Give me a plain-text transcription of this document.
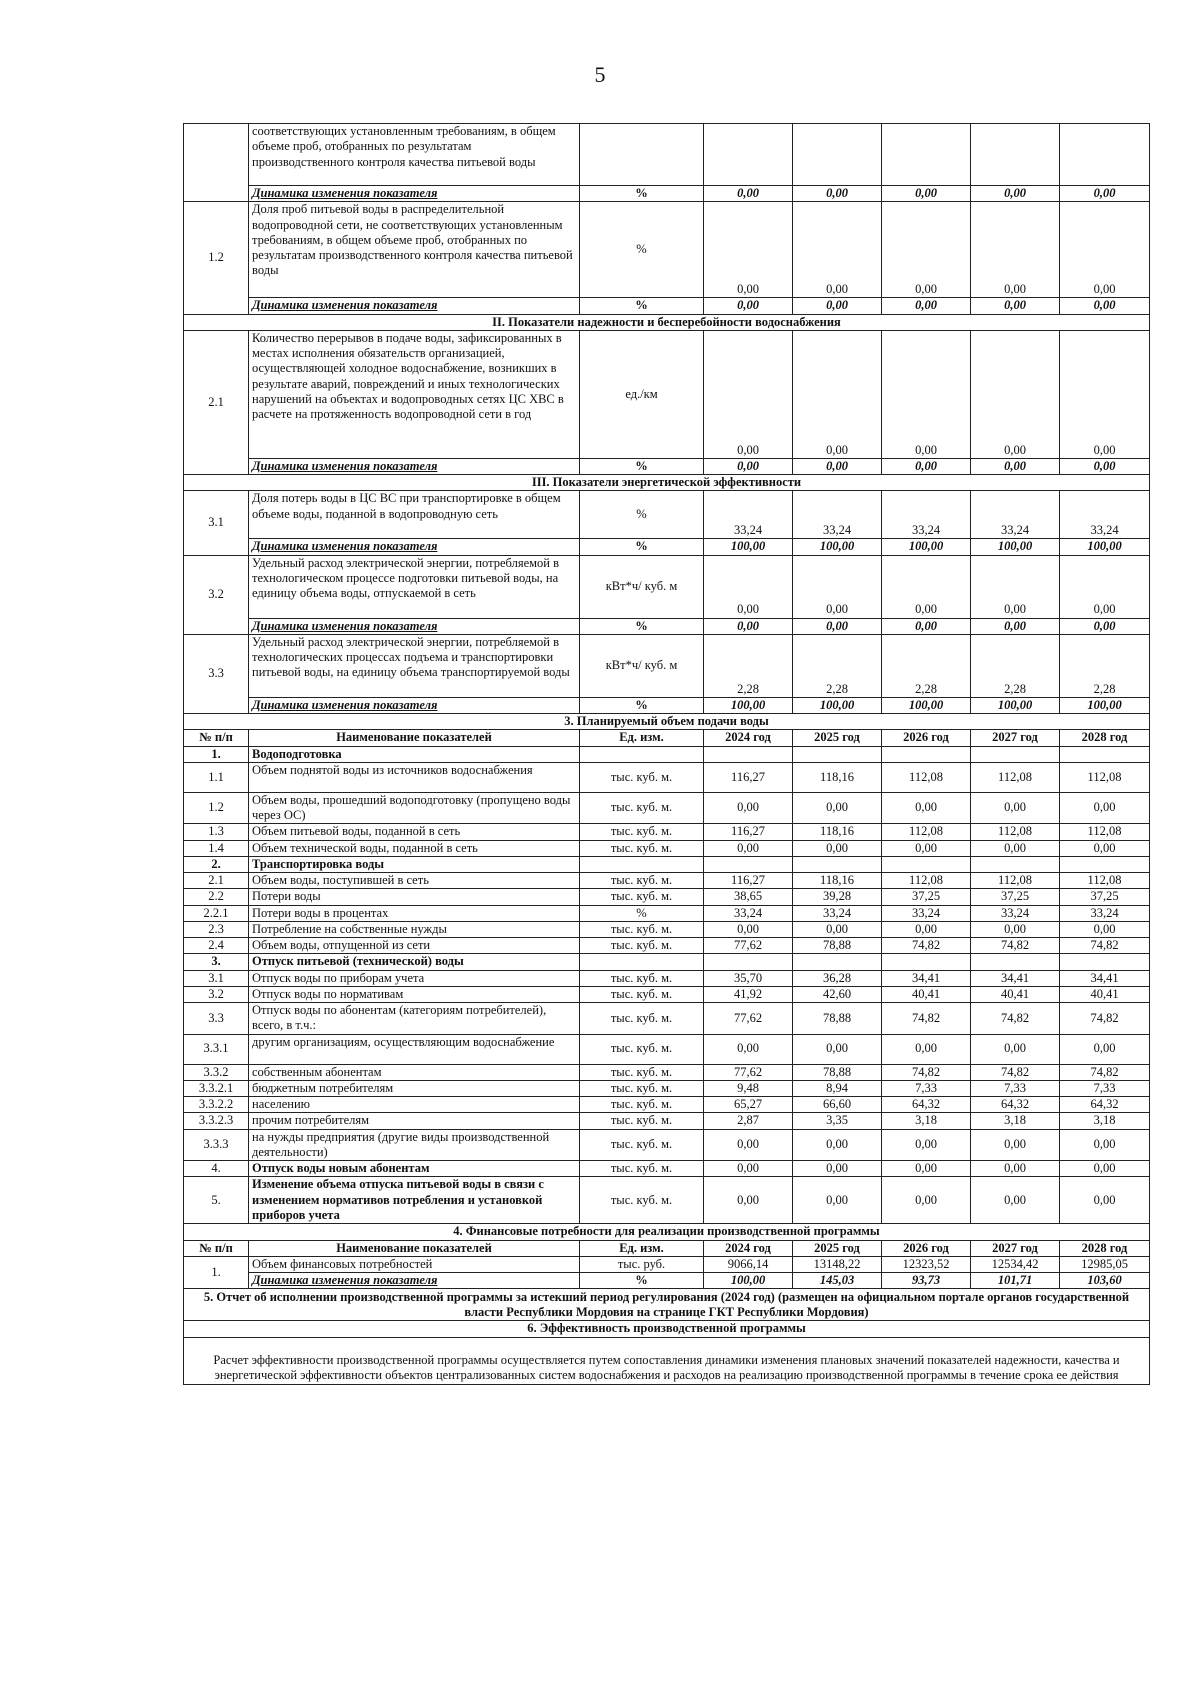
5
	соответствующих установленным требованиям, в общем объеме проб, отобранных по результатам производственного контроля качества питьевой воды						
	Динамика изменения показателя	%	0,00	0,00	0,00	0,00	0,00
1.2	Доля проб питьевой воды в распределительной водопроводной сети, не соответствующих установленным требованиям, в общем объеме проб, отобранных по результатам производственного контроля качества питьевой воды	%	0,00	0,00	0,00	0,00	0,00
	Динамика изменения показателя	%	0,00	0,00	0,00	0,00	0,00
II. Показатели надежности и бесперебойности водоснабжения							
2.1	Количество перерывов в подаче воды, зафиксированных в местах исполнения обязательств организацией, осуществляющей холодное водоснабжение, возникших в результате аварий, повреждений и иных технологических нарушений на объектах и водопроводных сетях ЦС ХВС в расчете на протяженность водопроводной сети в год	ед./км	0,00	0,00	0,00	0,00	0,00
	Динамика изменения показателя	%	0,00	0,00	0,00	0,00	0,00
III. Показатели энергетической эффективности							
3.1	Доля потерь воды в ЦС ВС при транспортировке в общем объеме воды, поданной в водопроводную сеть	%	33,24	33,24	33,24	33,24	33,24
	Динамика изменения показателя	%	100,00	100,00	100,00	100,00	100,00
3.2	Удельный расход электрической энергии, потребляемой в технологическом процессе подготовки питьевой воды, на единицу объема воды, отпускаемой в сеть	кВт*ч/ куб. м	0,00	0,00	0,00	0,00	0,00
	Динамика изменения показателя	%	0,00	0,00	0,00	0,00	0,00
3.3	Удельный расход электрической энергии, потребляемой в технологических процессах подъема и транспортировки питьевой воды, на единицу объема транспортируемой воды	кВт*ч/ куб. м	2,28	2,28	2,28	2,28	2,28
	Динамика изменения показателя	%	100,00	100,00	100,00	100,00	100,00
3. Планируемый объем подачи воды							
№ п/п	Наименование показателей	Ед. изм.	2024 год	2025 год	2026 год	2027 год	2028 год
1.	Водоподготовка						
1.1	Объем поднятой воды из источников водоснабжения	тыс. куб. м.	116,27	118,16	112,08	112,08	112,08
1.2	Объем воды, прошедший водоподготовку (пропущено воды через ОС)	тыс. куб. м.	0,00	0,00	0,00	0,00	0,00
1.3	Объем питьевой воды, поданной в сеть	тыс. куб. м.	116,27	118,16	112,08	112,08	112,08
1.4	Объем технической воды, поданной в сеть	тыс. куб. м.	0,00	0,00	0,00	0,00	0,00
2.	Транспортировка воды						
2.1	Объем воды, поступившей в сеть	тыс. куб. м.	116,27	118,16	112,08	112,08	112,08
2.2	Потери воды	тыс. куб. м.	38,65	39,28	37,25	37,25	37,25
2.2.1	Потери воды в процентах	%	33,24	33,24	33,24	33,24	33,24
2.3	Потребление на собственные нужды	тыс. куб. м.	0,00	0,00	0,00	0,00	0,00
2.4	Объем воды, отпущенной из сети	тыс. куб. м.	77,62	78,88	74,82	74,82	74,82
3.	Отпуск питьевой (технической) воды						
3.1	Отпуск воды по приборам учета	тыс. куб. м.	35,70	36,28	34,41	34,41	34,41
3.2	Отпуск воды по нормативам	тыс. куб. м.	41,92	42,60	40,41	40,41	40,41
3.3	Отпуск воды по абонентам (категориям потребителей), всего, в т.ч.:	тыс. куб. м.	77,62	78,88	74,82	74,82	74,82
3.3.1	другим организациям, осуществляющим водоснабжение	тыс. куб. м.	0,00	0,00	0,00	0,00	0,00
3.3.2	собственным абонентам	тыс. куб. м.	77,62	78,88	74,82	74,82	74,82
3.3.2.1	бюджетным потребителям	тыс. куб. м.	9,48	8,94	7,33	7,33	7,33
3.3.2.2	населению	тыс. куб. м.	65,27	66,60	64,32	64,32	64,32
3.3.2.3	прочим потребителям	тыс. куб. м.	2,87	3,35	3,18	3,18	3,18
3.3.3	на нужды предприятия (другие виды производственной деятельности)	тыс. куб. м.	0,00	0,00	0,00	0,00	0,00
4.	Отпуск воды новым абонентам	тыс. куб. м.	0,00	0,00	0,00	0,00	0,00
5.	Изменение объема отпуска питьевой воды в связи с изменением нормативов потребления и установкой приборов учета	тыс. куб. м.	0,00	0,00	0,00	0,00	0,00
4. Финансовые потребности для реализации производственной программы							
№ п/п	Наименование показателей	Ед. изм.	2024 год	2025 год	2026 год	2027 год	2028 год
1.	Объем финансовых потребностей	тыс. руб.	9066,14	13148,22	12323,52	12534,42	12985,05
	Динамика изменения показателя	%	100,00	145,03	93,73	101,71	103,60
5. Отчет об исполнении производственной программы за истекший период регулирования (2024 год) (размещен на официальном портале органов государственной власти Республики Мордовия на странице ГКТ Республики Мордовия)							
6. Эффективность производственной программы							
Расчет эффективности производственной программы осуществляется путем сопоставления динамики изменения плановых значений показателей надежности, качества и энергетической эффективности объектов централизованных систем водоснабжения и расходов на реализацию производственной программы в течение срока ее действия							
